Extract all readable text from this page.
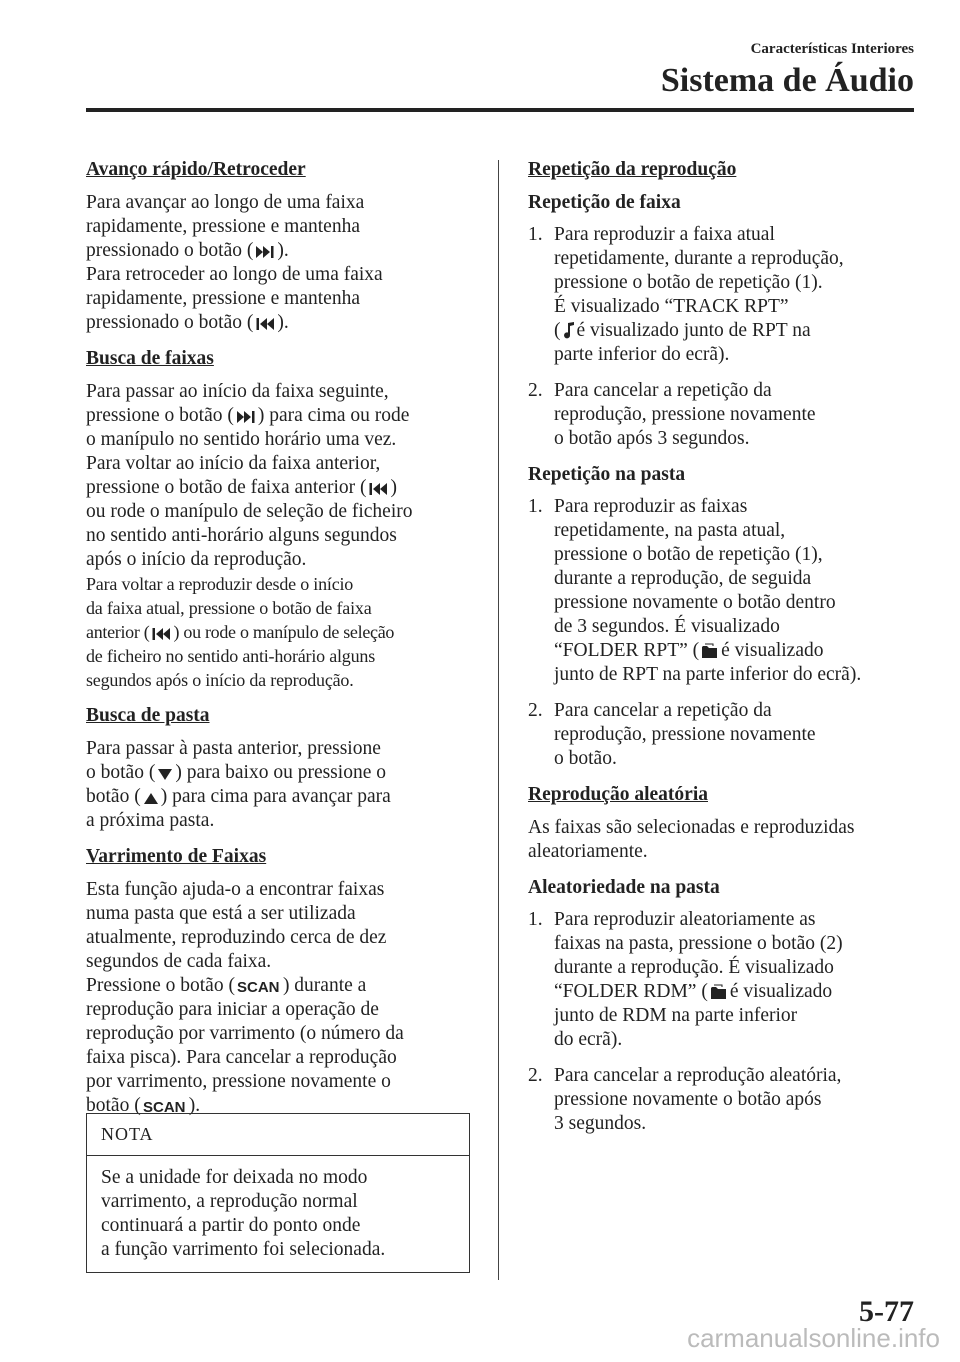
Características Interiores
Sistema de Áudio
Avanço rápido/Retroceder
Para avançar ao longo de uma faixa
rapidamente, pressione e mantenha
pressionado o botão ( ).
Para retroceder ao longo de uma faixa
rapidamente, pressione e mantenha
pressionado o botão ( ).
Busca de faixas
Para passar ao início da faixa seguinte,
pressione o botão ( ) para cima ou rode
o manípulo no sentido horário uma vez.
Para voltar ao início da faixa anterior,
pressione o botão de faixa anterior ( )
ou rode o manípulo de seleção de ficheiro
no sentido anti-horário alguns segundos
após o início da reprodução.
Para voltar a reproduzir desde o início
da faixa atual, pressione o botão de faixa
anterior ( ) ou rode o manípulo de seleção
de ficheiro no sentido anti-horário alguns
segundos após o início da reprodução.
Busca de pasta
Para passar à pasta anterior, pressione
o botão ( ) para baixo ou pressione o
botão ( ) para cima para avançar para
a próxima pasta.
Varrimento de Faixas
Esta função ajuda-o a encontrar faixas
numa pasta que está a ser utilizada
atualmente, reproduzindo cerca de dez
segundos de cada faixa.
Pressione o botão ( SCAN ) durante a
reprodução para iniciar a operação de
reprodução por varrimento (o número da
faixa pisca). Para cancelar a reprodução
por varrimento, pressione novamente o
botão ( SCAN ).
NOTA
Se a unidade for deixada no modo
varrimento, a reprodução normal
continuará a partir do ponto onde
a função varrimento foi selecionada.
Repetição da reprodução
Repetição de faixa
1. Para reproduzir a faixa atual
repetidamente, durante a reprodução,
pressione o botão de repetição (1).
É visualizado “TRACK RPT”
( é visualizado junto de RPT na
parte inferior do ecrã).
2. Para cancelar a repetição da
reprodução, pressione novamente
o botão após 3 segundos.
Repetição na pasta
1. Para reproduzir as faixas
repetidamente, na pasta atual,
pressione o botão de repetição (1),
durante a reprodução, de seguida
pressione novamente o botão dentro
de 3 segundos. É visualizado
“FOLDER RPT” ( é visualizado
junto de RPT na parte inferior do ecrã).
2. Para cancelar a repetição da
reprodução, pressione novamente
o botão.
Reprodução aleatória
As faixas são selecionadas e reproduzidas
aleatoriamente.
Aleatoriedade na pasta
1. Para reproduzir aleatoriamente as
faixas na pasta, pressione o botão (2)
durante a reprodução. É visualizado
“FOLDER RDM” ( é visualizado
junto de RDM na parte inferior
do ecrã).
2. Para cancelar a reprodução aleatória,
pressione novamente o botão após
3 segundos.
5-77
carmanualsonline.info
